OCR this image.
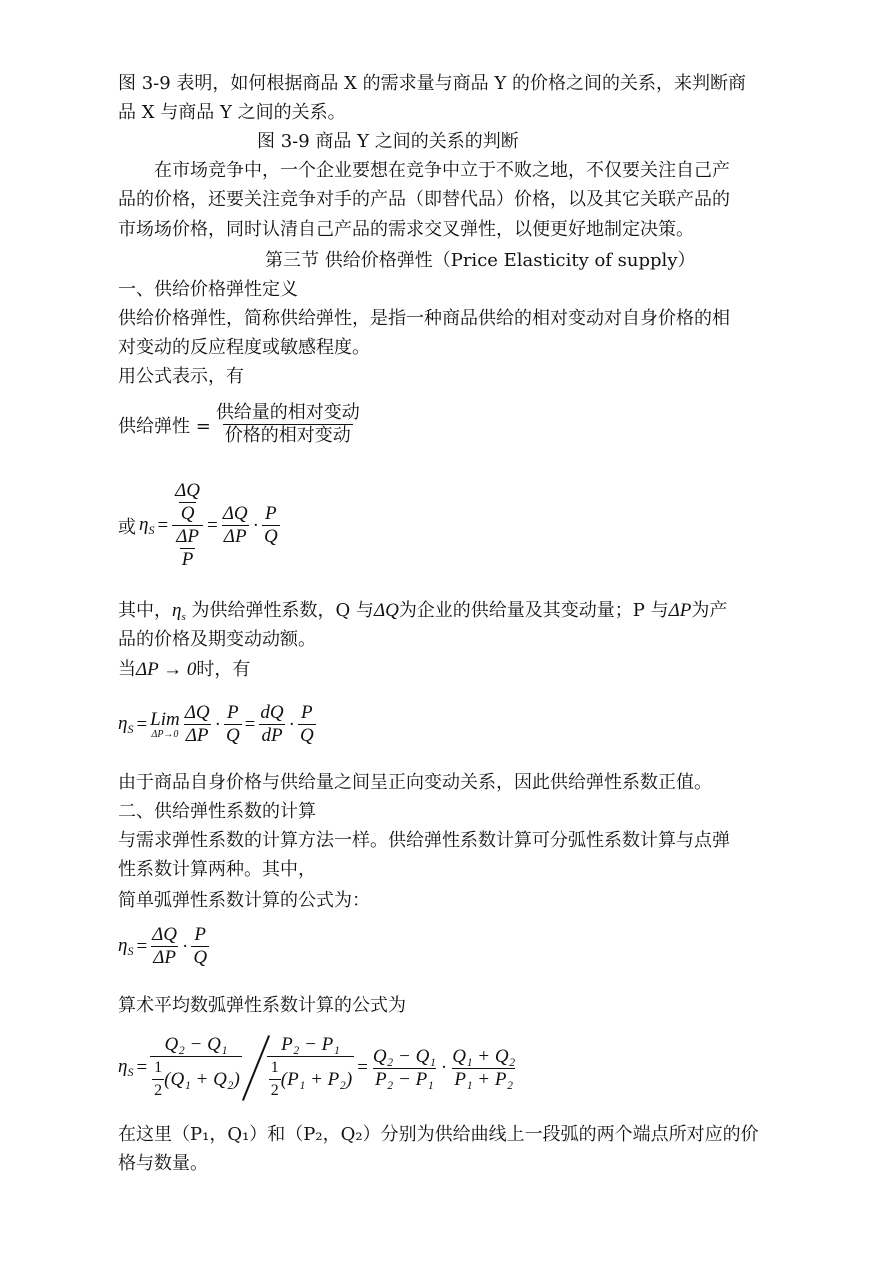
图 3-9 表明，如何根据商品 X 的需求量与商品 Y 的价格之间的关系，来判断商
品 X 与商品 Y 之间的关系。
图 3-9 商品 Y 之间的关系的判断
在市场竞争中，一个企业要想在竞争中立于不败之地，不仅要关注自己产
品的价格，还要关注竞争对手的产品（即替代品）价格，以及其它关联产品的
市场场价格，同时认清自己产品的需求交叉弹性，以便更好地制定决策。
第三节 供给价格弹性（Price Elasticity of supply）
一、供给价格弹性定义
供给价格弹性，简称供给弹性，是指一种商品供给的相对变动对自身价格的相
对变动的反应程度或敏感程度。
用公式表示，有
供给弹性 = $\frac{\text{供给量的相对变动}}{\text{价格的相对变动}}$
或 $\eta_S = \frac{\frac{\Delta Q}{Q}}{\frac{\Delta P}{P}} = \frac{\Delta Q}{\Delta P} \cdot \frac{P}{Q}$
其中，$\eta_s$ 为供给弹性系数，Q 与ΔQ为企业的供给量及其变动量；P 与ΔP为产
品的价格及期变动动额。
当ΔP → 0时，有
$\eta_S$ = Lim
$\Delta P\to 0 \frac{\Delta Q}{\Delta P} \cdot \frac{P}{Q} = \frac{dQ}{dP} \cdot \frac{P}{Q}$
由于商品自身价格与供给量之间呈正向变动关系，因此供给弹性系数正值。
二、供给弹性系数的计算
与需求弹性系数的计算方法一样。供给弹性系数计算可分弧性系数计算与点弹
性系数计算两种。其中，
简单弧弹性系数计算的公式为：
$\eta_S = \frac{\Delta Q}{\Delta P} \cdot \frac{P}{Q}$
算术平均数弧弹性系数计算的公式为
$\eta_S = \frac{\text{Q₂ − Q₁}}{\frac{1}{2} (Q_1 + Q_2)} \frac{\text{P₂ − P₁}}{\frac{1}{2} (P_1 + P_2)} = \frac{\text{Q₂ − Q₁}}{\text{P₂ − P₁}} \cdot \frac{\text{Q₁ + Q₂}}{\text{P₁ + P₂}}$
在这里（P₁，Q₁）和（P₂，Q₂）分别为供给曲线上一段弧的两个端点所对应的价
格与数量。
